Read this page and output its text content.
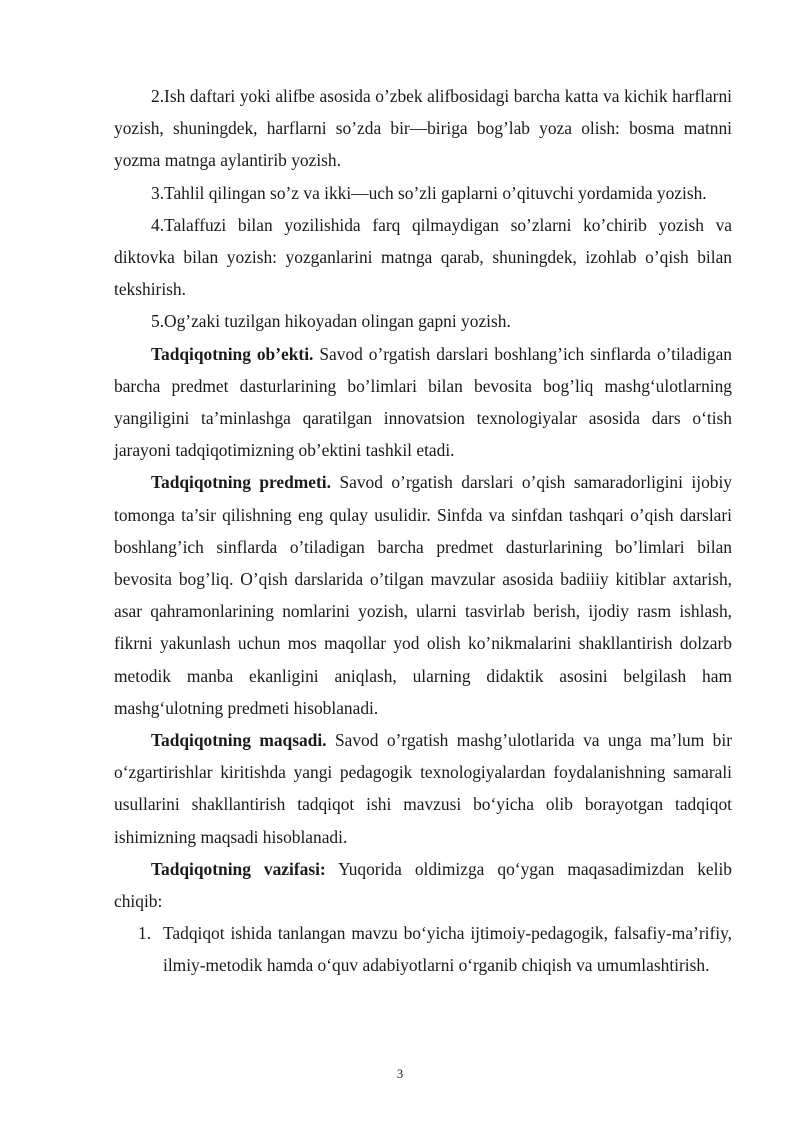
2.Ish daftari yoki alifbe asosida o’zbek alifbosidagi barcha katta va kichik harflarni yozish, shuningdek, harflarni so’zda bir—biriga bog’lab yoza olish: bosma matnni yozma matnga aylantirib yozish.

3.Tahlil qilingan so’z va ikki—uch so’zli gaplarni o’qituvchi yordamida yozish.

4.Talaffuzi bilan yozilishida farq qilmaydigan so’zlarni ko’chirib yozish va diktovka bilan yozish: yozganlarini matnga qarab, shuningdek, izohlab o’qish bilan tekshirish.

5.Og’zaki tuzilgan hikoyadan olingan gapni yozish.

Tadqiqotning ob’ekti. Savod o’rgatish darslari boshlang’ich sinflarda o’tiladigan barcha predmet dasturlarining bo’limlari bilan bevosita bog’liq mashg‘ulotlarning yangiligini ta’minlashga qaratilgan innovatsion texnologiyalar asosida dars o‘tish jarayoni tadqiqotimizning ob’ektini tashkil etadi.

Tadqiqotning predmeti. Savod o’rgatish darslari o’qish samaradorligini ijobiy tomonga ta’sir qilishning eng qulay usulidir. Sinfda va sinfdan tashqari o’qish darslari boshlang’ich sinflarda o’tiladigan barcha predmet dasturlarining bo’limlari bilan bevosita bog’liq. O’qish darslarida o’tilgan mavzular asosida badiiiy kitiblar axtarish, asar qahramonlarining nomlarini yozish, ularni tasvirlab berish, ijodiy rasm ishlash, fikrni yakunlash uchun mos maqollar yod olish ko’nikmalarini shakllantirish dolzarb metodik manba ekanligini aniqlash, ularning didaktik asosini belgilash ham mashg‘ulotning predmeti hisoblanadi.

Tadqiqotning maqsadi. Savod o’rgatish mashg’ulotlarida va unga ma’lum bir o‘zgartirishlar kiritishda yangi pedagogik texnologiyalardan foydalanishning samarali usullarini shakllantirish tadqiqot ishi mavzusi bo‘yicha olib borayotgan tadqiqot ishimizning maqsadi hisoblanadi.

Tadqiqotning vazifasi: Yuqorida oldimizga qo‘ygan maqasadimizdan kelib chiqib:

1. Tadqiqot ishida tanlangan mavzu bo‘yicha ijtimoiy-pedagogik, falsafiy-ma’rifiy, ilmiy-metodik hamda o‘quv adabiyotlarni o‘rganib chiqish va umumlashtirish.
3
